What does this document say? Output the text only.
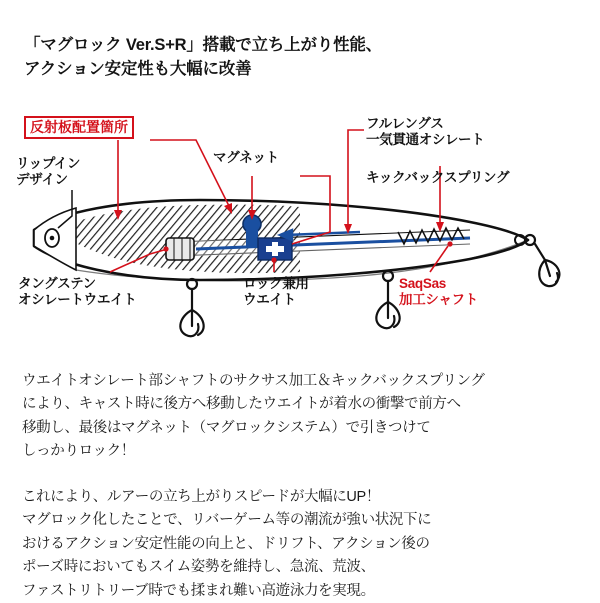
「マグロック Ver.S+R」搭載で立ち上がり性能、
アクション安定性も大幅に改善
反射板配置箇所
リップイン
デザイン
マグネット
フルレングス
一気貫通オシレート
キックバックスプリング
タングステン
オシレートウエイト
ロック兼用
ウエイト
SaqSas
加工シャフト
ウエイトオシレート部シャフトのサクサス加工＆キックバックスプリング
により、キャスト時に後方へ移動したウエイトが着水の衝撃で前方へ
移動し、最後はマグネット（マグロックシステム）で引きつけて
しっかりロック！
これにより、ルアーの立ち上がりスピードが大幅にUP！
マグロック化したことで、リバーゲーム等の潮流が強い状況下に
おけるアクション安定性能の向上と、ドリフト、アクション後の
ポーズ時においてもスイム姿勢を維持し、急流、荒波、
ファストリトリーブ時でも揉まれ難い高遊泳力を実現。
